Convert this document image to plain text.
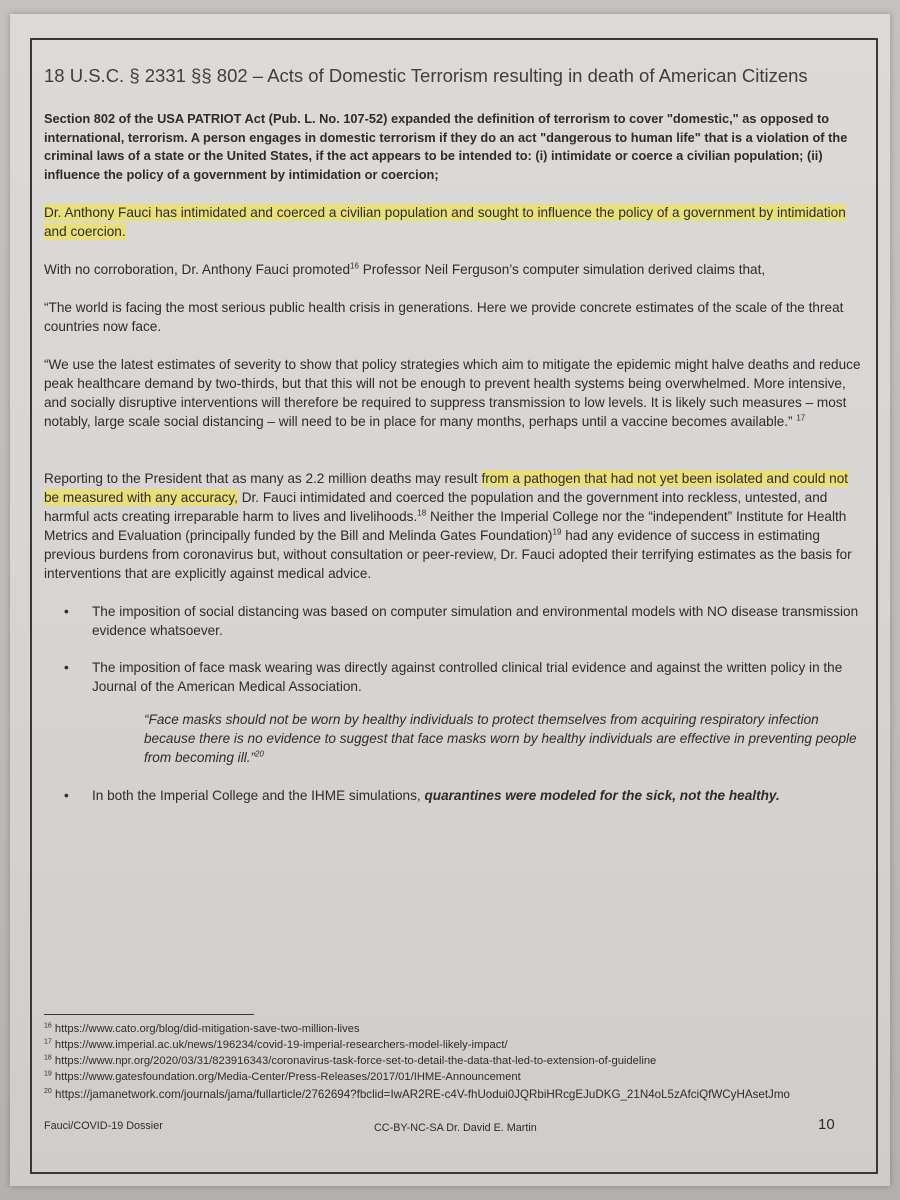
18 U.S.C. § 2331 §§ 802 – Acts of Domestic Terrorism resulting in death of American Citizens

Section 802 of the USA PATRIOT Act (Pub. L. No. 107-52) expanded the definition of terrorism to cover "domestic," as opposed to international, terrorism. A person engages in domestic terrorism if they do an act "dangerous to human life" that is a violation of the criminal laws of a state or the United States, if the act appears to be intended to: (i) intimidate or coerce a civilian population; (ii) influence the policy of a government by intimidation or coercion;

Dr. Anthony Fauci has intimidated and coerced a civilian population and sought to influence the policy of a government by intimidation and coercion.

With no corroboration, Dr. Anthony Fauci promoted$^{16}$ Professor Neil Ferguson’s computer simulation derived claims that,

“The world is facing the most serious public health crisis in generations. Here we provide concrete estimates of the scale of the threat countries now face.

“We use the latest estimates of severity to show that policy strategies which aim to mitigate the epidemic might halve deaths and reduce peak healthcare demand by two-thirds, but that this will not be enough to prevent health systems being overwhelmed. More intensive, and socially disruptive interventions will therefore be required to suppress transmission to low levels. It is likely such measures – most notably, large scale social distancing – will need to be in place for many months, perhaps until a vaccine becomes available.” $^{17}$

Reporting to the President that as many as 2.2 million deaths may result from a pathogen that had not yet been isolated and could not be measured with any accuracy, Dr. Fauci intimidated and coerced the population and the government into reckless, untested, and harmful acts creating irreparable harm to lives and livelihoods.$^{18}$ Neither the Imperial College nor the “independent” Institute for Health Metrics and Evaluation (principally funded by the Bill and Melinda Gates Foundation)$^{19}$ had any evidence of success in estimating previous burdens from coronavirus but, without consultation or peer-review, Dr. Fauci adopted their terrifying estimates as the basis for interventions that are explicitly against medical advice.

• The imposition of social distancing was based on computer simulation and environmental models with NO disease transmission evidence whatsoever.
• The imposition of face mask wearing was directly against controlled clinical trial evidence and against the written policy in the Journal of the American Medical Association.

“Face masks should not be worn by healthy individuals to protect themselves from acquiring respiratory infection because there is no evidence to suggest that face masks worn by healthy individuals are effective in preventing people from becoming ill.”$^{20}$

• In both the Imperial College and the IHME simulations, quarantines were modeled for the sick, not the healthy.
$^{16}$ https://www.cato.org/blog/did-mitigation-save-two-million-lives
$^{17}$ https://www.imperial.ac.uk/news/196234/covid-19-imperial-researchers-model-likely-impact/
$^{18}$ https://www.npr.org/2020/03/31/823916343/coronavirus-task-force-set-to-detail-the-data-that-led-to-extension-of-guideline
$^{19}$ https://www.gatesfoundation.org/Media-Center/Press-Releases/2017/01/IHME-Announcement
$^{20}$ https://jamanetwork.com/journals/jama/fullarticle/2762694?fbclid=IwAR2RE-c4V-fhUodui0JQRbiHRcgEJuDKG_21N4oL5zAfciQfWCyHAsetJmo
Fauci/COVID-19 Dossier	CC-BY-NC-SA Dr. David E. Martin	10
